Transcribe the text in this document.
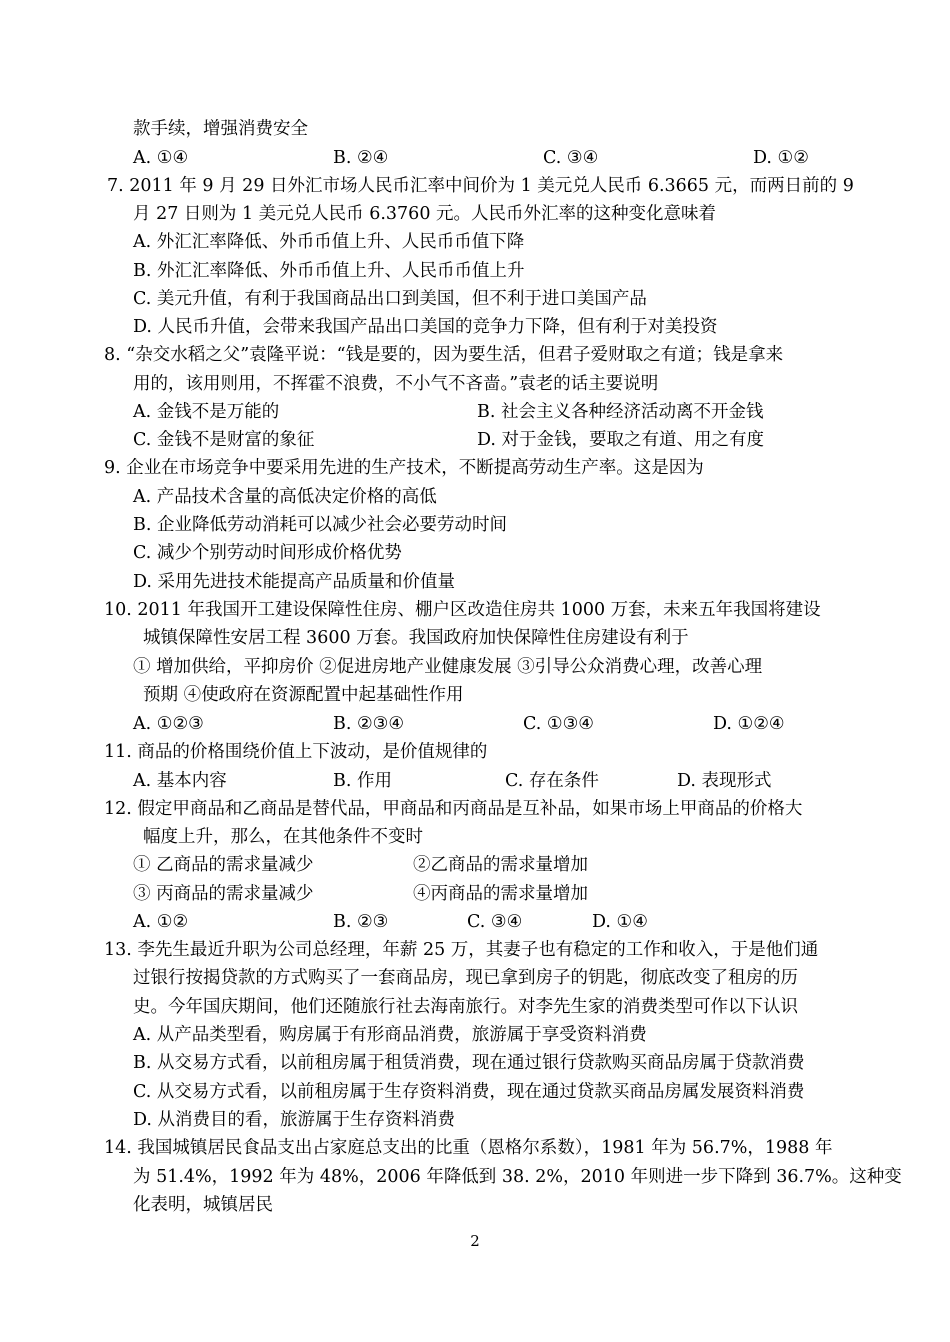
款手续，增强消费安全
A. ①④	B. ②④	C. ③④	D. ①②
7. 2011 年 9 月 29 日外汇市场人民币汇率中间价为 1 美元兑人民币 6.3665 元，而两日前的 9
月 27 日则为 1 美元兑人民币 6.3760 元。人民币外汇率的这种变化意味着
A. 外汇汇率降低、外币币值上升、人民币币值下降
B. 外汇汇率降低、外币币值上升、人民币币值上升
C. 美元升值，有利于我国商品出口到美国，但不利于进口美国产品
D. 人民币升值，会带来我国产品出口美国的竞争力下降，但有利于对美投资
8. “杂交水稻之父”袁隆平说：“钱是要的，因为要生活，但君子爱财取之有道；钱是拿来
用的，该用则用，不挥霍不浪费，不小气不吝啬。”袁老的话主要说明
A. 金钱不是万能的	B. 社会主义各种经济活动离不开金钱
C. 金钱不是财富的象征	D. 对于金钱，要取之有道、用之有度
9. 企业在市场竞争中要采用先进的生产技术，不断提高劳动生产率。这是因为
A. 产品技术含量的高低决定价格的高低
B. 企业降低劳动消耗可以减少社会必要劳动时间
C. 减少个别劳动时间形成价格优势
D. 采用先进技术能提高产品质量和价值量
10. 2011 年我国开工建设保障性住房、棚户区改造住房共 1000 万套，未来五年我国将建设
城镇保障性安居工程 3600 万套。我国政府加快保障性住房建设有利于
① 增加供给，平抑房价 ②促进房地产业健康发展 ③引导公众消费心理，改善心理
预期 ④使政府在资源配置中起基础性作用
A. ①②③	B. ②③④	C. ①③④	D. ①②④
11. 商品的价格围绕价值上下波动，是价值规律的
A. 基本内容	B. 作用	C. 存在条件	D. 表现形式
12. 假定甲商品和乙商品是替代品，甲商品和丙商品是互补品，如果市场上甲商品的价格大
幅度上升，那么，在其他条件不变时
① 乙商品的需求量减少	②乙商品的需求量增加
③ 丙商品的需求量减少	④丙商品的需求量增加
A. ①②	B. ②③	C. ③④	D. ①④
13. 李先生最近升职为公司总经理，年薪 25 万，其妻子也有稳定的工作和收入，于是他们通
过银行按揭贷款的方式购买了一套商品房，现已拿到房子的钥匙，彻底改变了租房的历
史。今年国庆期间，他们还随旅行社去海南旅行。对李先生家的消费类型可作以下认识
A. 从产品类型看，购房属于有形商品消费，旅游属于享受资料消费
B. 从交易方式看，以前租房属于租赁消费，现在通过银行贷款购买商品房属于贷款消费
C. 从交易方式看，以前租房属于生存资料消费，现在通过贷款买商品房属发展资料消费
D. 从消费目的看，旅游属于生存资料消费
14. 我国城镇居民食品支出占家庭总支出的比重（恩格尔系数），1981 年为 56.7%，1988 年
为 51.4%，1992 年为 48%，2006 年降低到 38. 2%，2010 年则进一步下降到 36.7%。这种变
化表明，城镇居民
2
